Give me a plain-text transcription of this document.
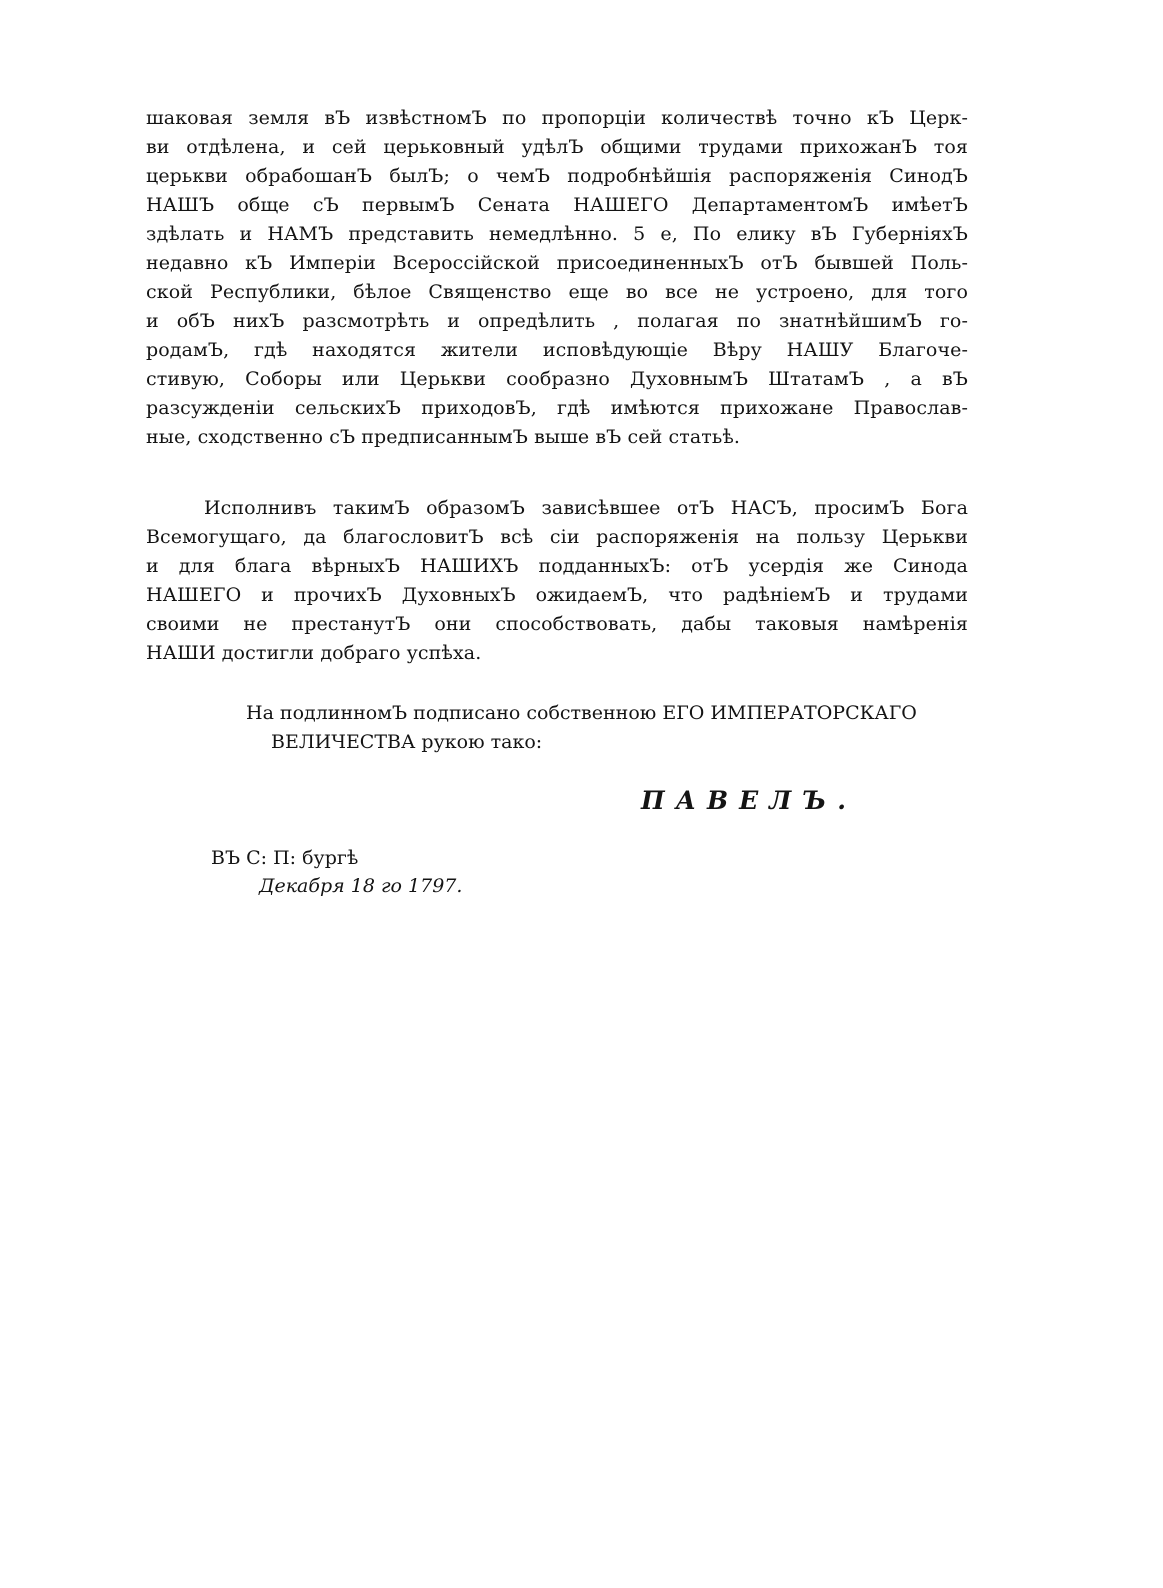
шаковая земля вЪ извѣстномЪ по пропорціи количествѣ точно кЪ Церк-
ви отдѣлена, и сей церьковный удѣлЪ общими трудами прихожанЪ тоя
церькви обрабошанЪ былЪ; о чемЪ подробнѣйшія распоряженія СинодЪ
НАШЪ обще сЪ первымЪ Сената НАШЕГО ДепартаментомЪ имѣетЪ
здѣлать и НАМЪ представить немедлѣнно. 5 е, По елику вЪ ГуберніяхЪ
недавно кЪ Имперіи Всероссійской присоединенныхЪ отЪ бывшей Поль-
ской Республики, бѣлое Священство еще во все не устроено, для того
и обЪ нихЪ разсмотрѣть и опредѣлить , полагая по знатнѣйшимЪ го-
родамЪ, гдѣ находятся жители исповѣдующіе Вѣру НАШУ Благоче-
стивую, Соборы или Церькви сообразно ДуховнымЪ ШтатамЪ , а вЪ
разсужденіи сельскихЪ приходовЪ, гдѣ имѣются прихожане Православ-
ные, сходственно сЪ предписаннымЪ выше вЪ сей статьѣ.
Исполнивъ такимЪ образомЪ зависѣвшее отЪ НАСЪ, просимЪ Бога
Всемогущаго, да благословитЪ всѣ сіи распоряженія на пользу Церькви
и для блага вѣрныхЪ НАШИХЪ подданныхЪ: отЪ усердія же Синода
НАШЕГО и прочихЪ ДуховныхЪ ожидаемЪ, что радѣніемЪ и трудами
своими не престанутЪ они способствовать, дабы таковыя намѣренія
НАШИ достигли добраго успѣха.
На подлинномЪ подписано собственною ЕГО ИМПЕРАТОРСКАГО
ВЕЛИЧЕСТВА рукою тако:
ПАВЕЛЪ.
ВЪ С: П: бургѣ
Декабря 18 го 1797.
